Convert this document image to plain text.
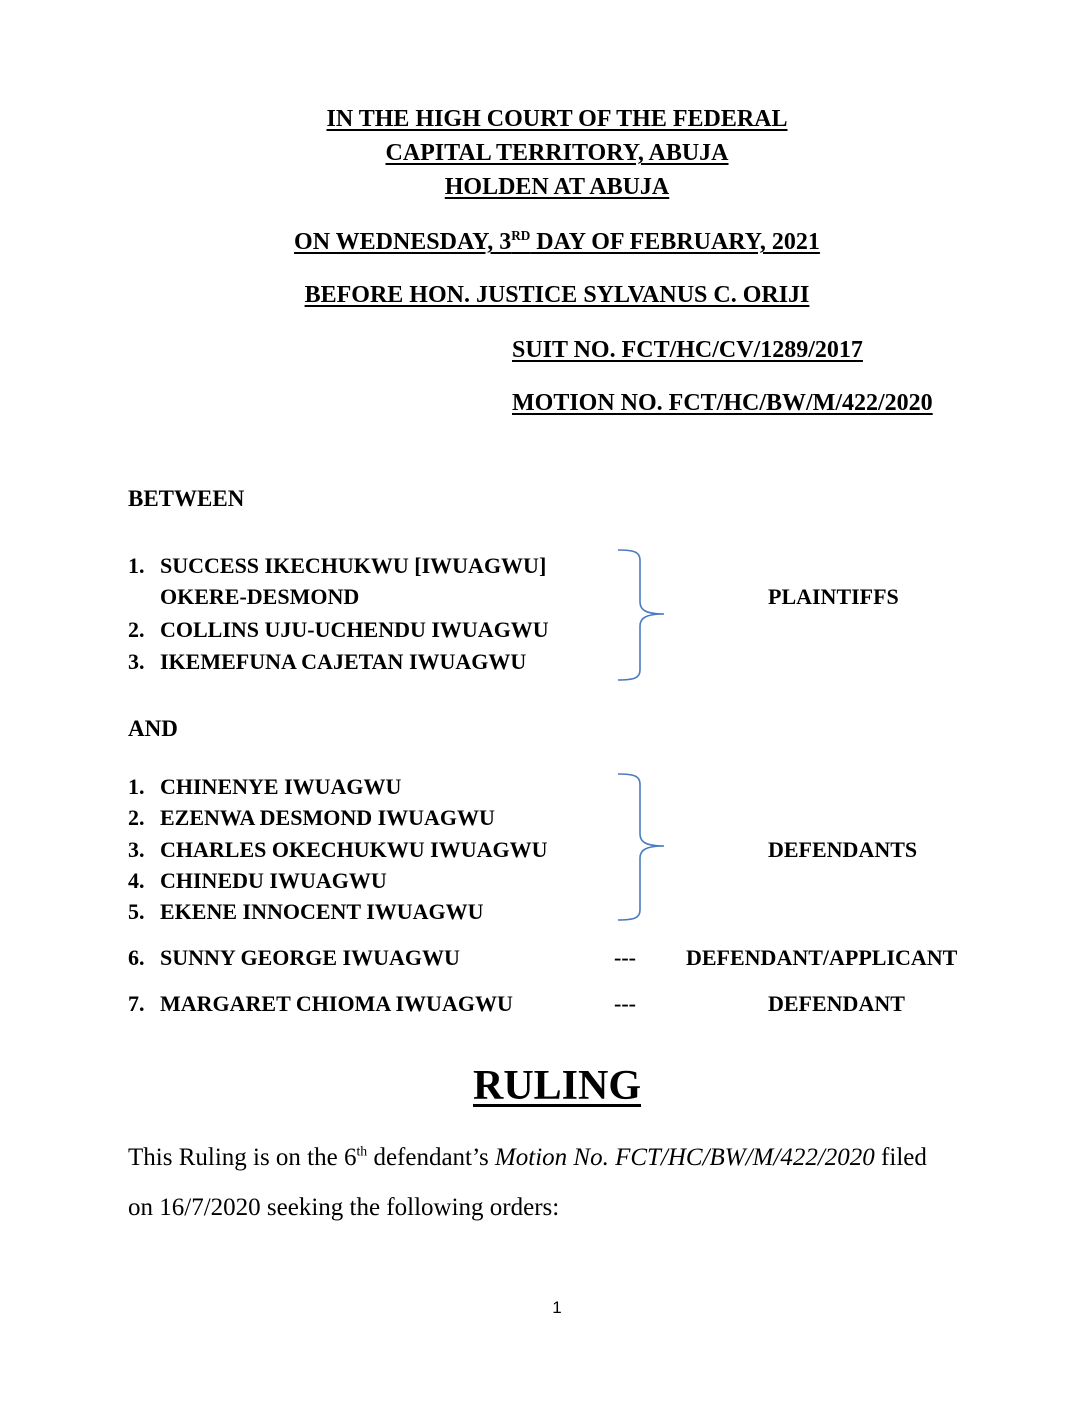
IN THE HIGH COURT OF THE FEDERAL
CAPITAL TERRITORY, ABUJA
HOLDEN AT ABUJA
ON WEDNESDAY, 3RD DAY OF FEBRUARY, 2021
BEFORE HON. JUSTICE SYLVANUS C. ORIJI
SUIT NO. FCT/HC/CV/1289/2017
MOTION NO. FCT/HC/BW/M/422/2020
BETWEEN
1. SUCCESS IKECHUKWU [IWUAGWU]
OKERE-DESMOND
2. COLLINS UJU-UCHENDU IWUAGWU
3. IKEMEFUNA CAJETAN IWUAGWU
PLAINTIFFS
AND
1. CHINENYE IWUAGWU
2. EZENWA DESMOND IWUAGWU
3. CHARLES OKECHUKWU IWUAGWU
4. CHINEDU IWUAGWU
5. EKENE INNOCENT IWUAGWU
DEFENDANTS
6. SUNNY GEORGE IWUAGWU	--- DEFENDANT/APPLICANT
7. MARGARET CHIOMA IWUAGWU	---	DEFENDANT
RULING
This Ruling is on the 6th defendant’s Motion No. FCT/HC/BW/M/422/2020 filed
on 16/7/2020 seeking the following orders:
1
